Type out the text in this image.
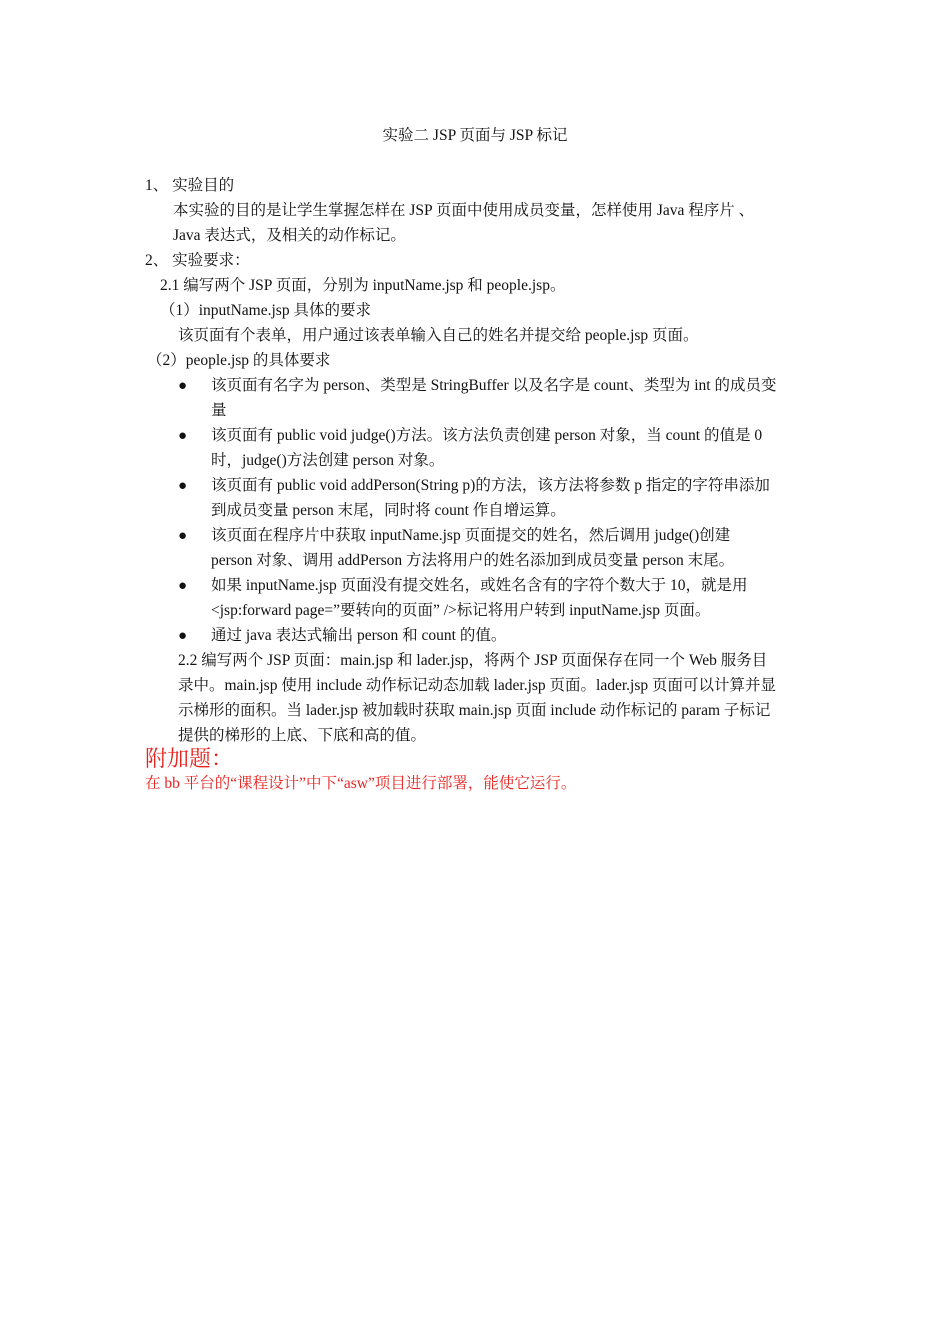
实验二 JSP 页面与 JSP 标记
1、 实验目的
本实验的目的是让学生掌握怎样在 JSP 页面中使用成员变量，怎样使用 Java 程序片 、
Java 表达式，及相关的动作标记。
2、 实验要求：
2.1 编写两个 JSP 页面，分别为 inputName.jsp 和 people.jsp。
（1）inputName.jsp 具体的要求
该页面有个表单，用户通过该表单输入自己的姓名并提交给 people.jsp 页面。
（2）people.jsp 的具体要求
● 该页面有名字为 person、类型是 StringBuffer 以及名字是 count、类型为 int 的成员变
量
● 该页面有 public void judge()方法。该方法负责创建 person 对象，当 count 的值是 0
时，judge()方法创建 person 对象。
● 该页面有 public void addPerson(String p)的方法，该方法将参数 p 指定的字符串添加
到成员变量 person 末尾，同时将 count 作自增运算。
● 该页面在程序片中获取 inputName.jsp 页面提交的姓名，然后调用 judge()创建
person 对象、调用 addPerson 方法将用户的姓名添加到成员变量 person 末尾。
● 如果 inputName.jsp 页面没有提交姓名，或姓名含有的字符个数大于 10，就是用
<jsp:forward page=”要转向的页面” />标记将用户转到 inputName.jsp 页面。
● 通过 java 表达式输出 person 和 count 的值。
2.2 编写两个 JSP 页面：main.jsp 和 lader.jsp，将两个 JSP 页面保存在同一个 Web 服务目
录中。main.jsp 使用 include 动作标记动态加载 lader.jsp 页面。lader.jsp 页面可以计算并显
示梯形的面积。当 lader.jsp 被加载时获取 main.jsp 页面 include 动作标记的 param 子标记
提供的梯形的上底、下底和高的值。
附加题：
在 bb 平台的“课程设计”中下“asw”项目进行部署，能使它运行。
